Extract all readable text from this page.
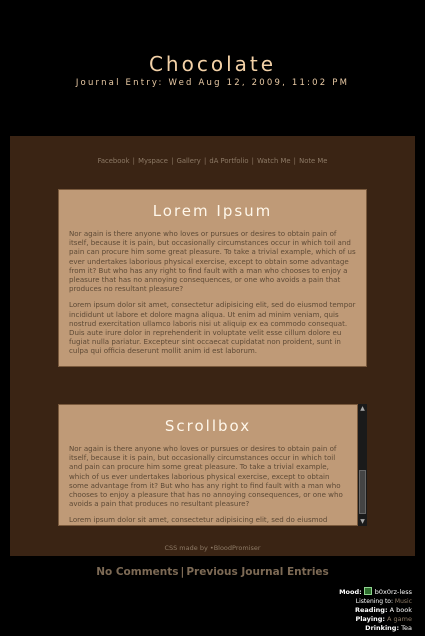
Chocolate
Journal Entry: Wed Aug 12, 2009, 11:02 PM
Facebook | Myspace | Gallery | dA Portfolio | Watch Me | Note Me
Lorem Ipsum

Nor again is there anyone who loves or pursues or desires to obtain pain of itself, because it is pain, but occasionally circumstances occur in which toil and pain can procure him some great pleasure. To take a trivial example, which of us ever undertakes laborious physical exercise, except to obtain some advantage from it? But who has any right to find fault with a man who chooses to enjoy a pleasure that has no annoying consequences, or one who avoids a pain that produces no resultant pleasure?

Lorem ipsum dolor sit amet, consectetur adipisicing elit, sed do eiusmod tempor incididunt ut labore et dolore magna aliqua. Ut enim ad minim veniam, quis nostrud exercitation ullamco laboris nisi ut aliquip ex ea commodo consequat. Duis aute irure dolor in reprehenderit in voluptate velit esse cillum dolore eu fugiat nulla pariatur. Excepteur sint occaecat cupidatat non proident, sunt in culpa qui officia deserunt mollit anim id est laborum.

Scrollbox

Nor again is there anyone who loves or pursues or desires to obtain pain of itself, because it is pain, but occasionally circumstances occur in which toil and pain can procure him some great pleasure. To take a trivial example, which of us ever undertakes laborious physical exercise, except to obtain some advantage from it? But who has any right to find fault with a man who chooses to enjoy a pleasure that has no annoying consequences, or one who avoids a pain that produces no resultant pleasure?

Lorem ipsum dolor sit amet, consectetur adipisicing elit, sed do eiusmod

▲
▼
CSS made by •BloodPromiser
No Comments | Previous Journal Entries
Mood: b0x0rz-less
Listening to: Music
Reading: A book
Playing: A game
Drinking: Tea
